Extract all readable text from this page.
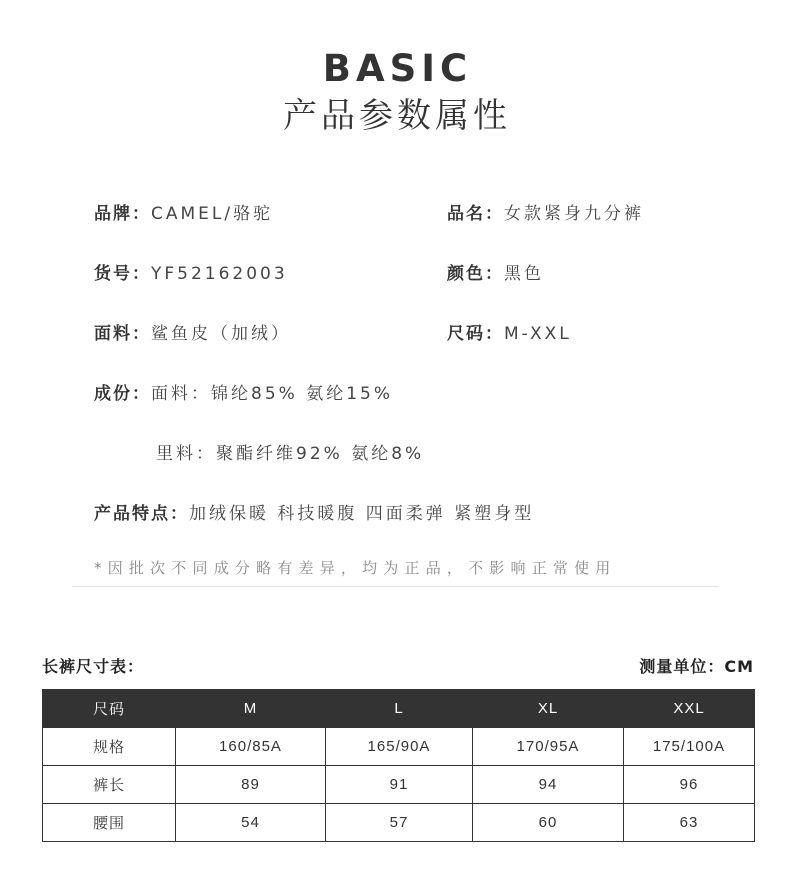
BASIC
产品参数属性
品牌：CAMEL/骆驼	品名：女款紧身九分裤
货号：YF52162003	颜色：黑色
面料：鲨鱼皮（加绒）	尺码：M-XXL
成份：面料：锦纶85% 氨纶15%
里料：聚酯纤维92% 氨纶8%
产品特点：加绒保暖 科技暖腹 四面柔弹 紧塑身型
*因批次不同成分略有差异，均为正品，不影响正常使用
长裤尺寸表：	测量单位：CM
尺码	M	L	XL	XXL
规格	160/85A	165/90A	170/95A	175/100A
裤长	89	91	94	96
腰围	54	57	60	63
